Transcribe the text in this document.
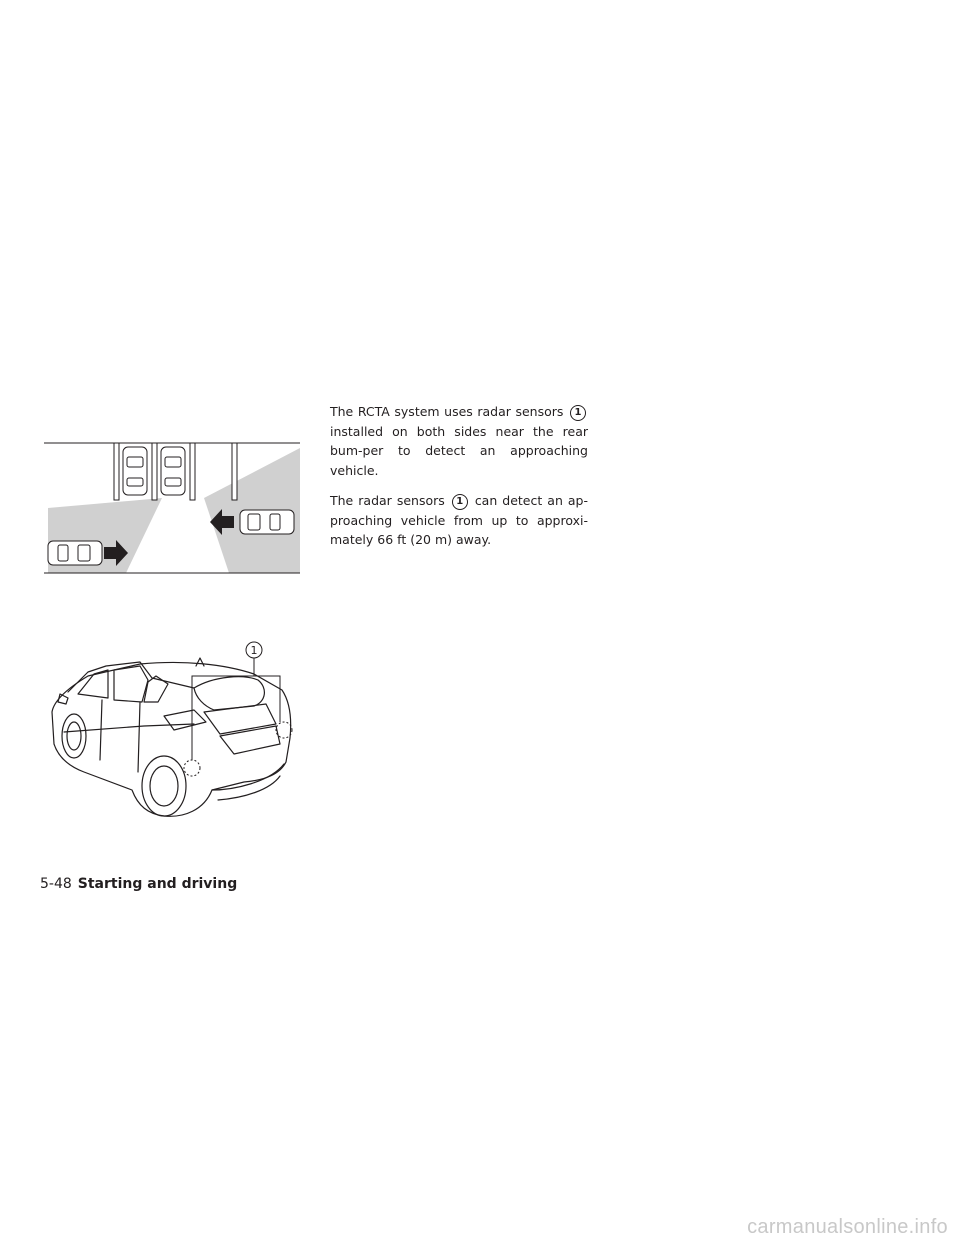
1

The RCTA system uses radar sensors 1 installed on both sides near the rear bum-per to detect an approaching vehicle.

The radar sensors 1 can detect an ap-proaching vehicle from up to approxi-mately 66 ft (20 m) away.

5-48 Starting and driving
carmanualsonline.info
